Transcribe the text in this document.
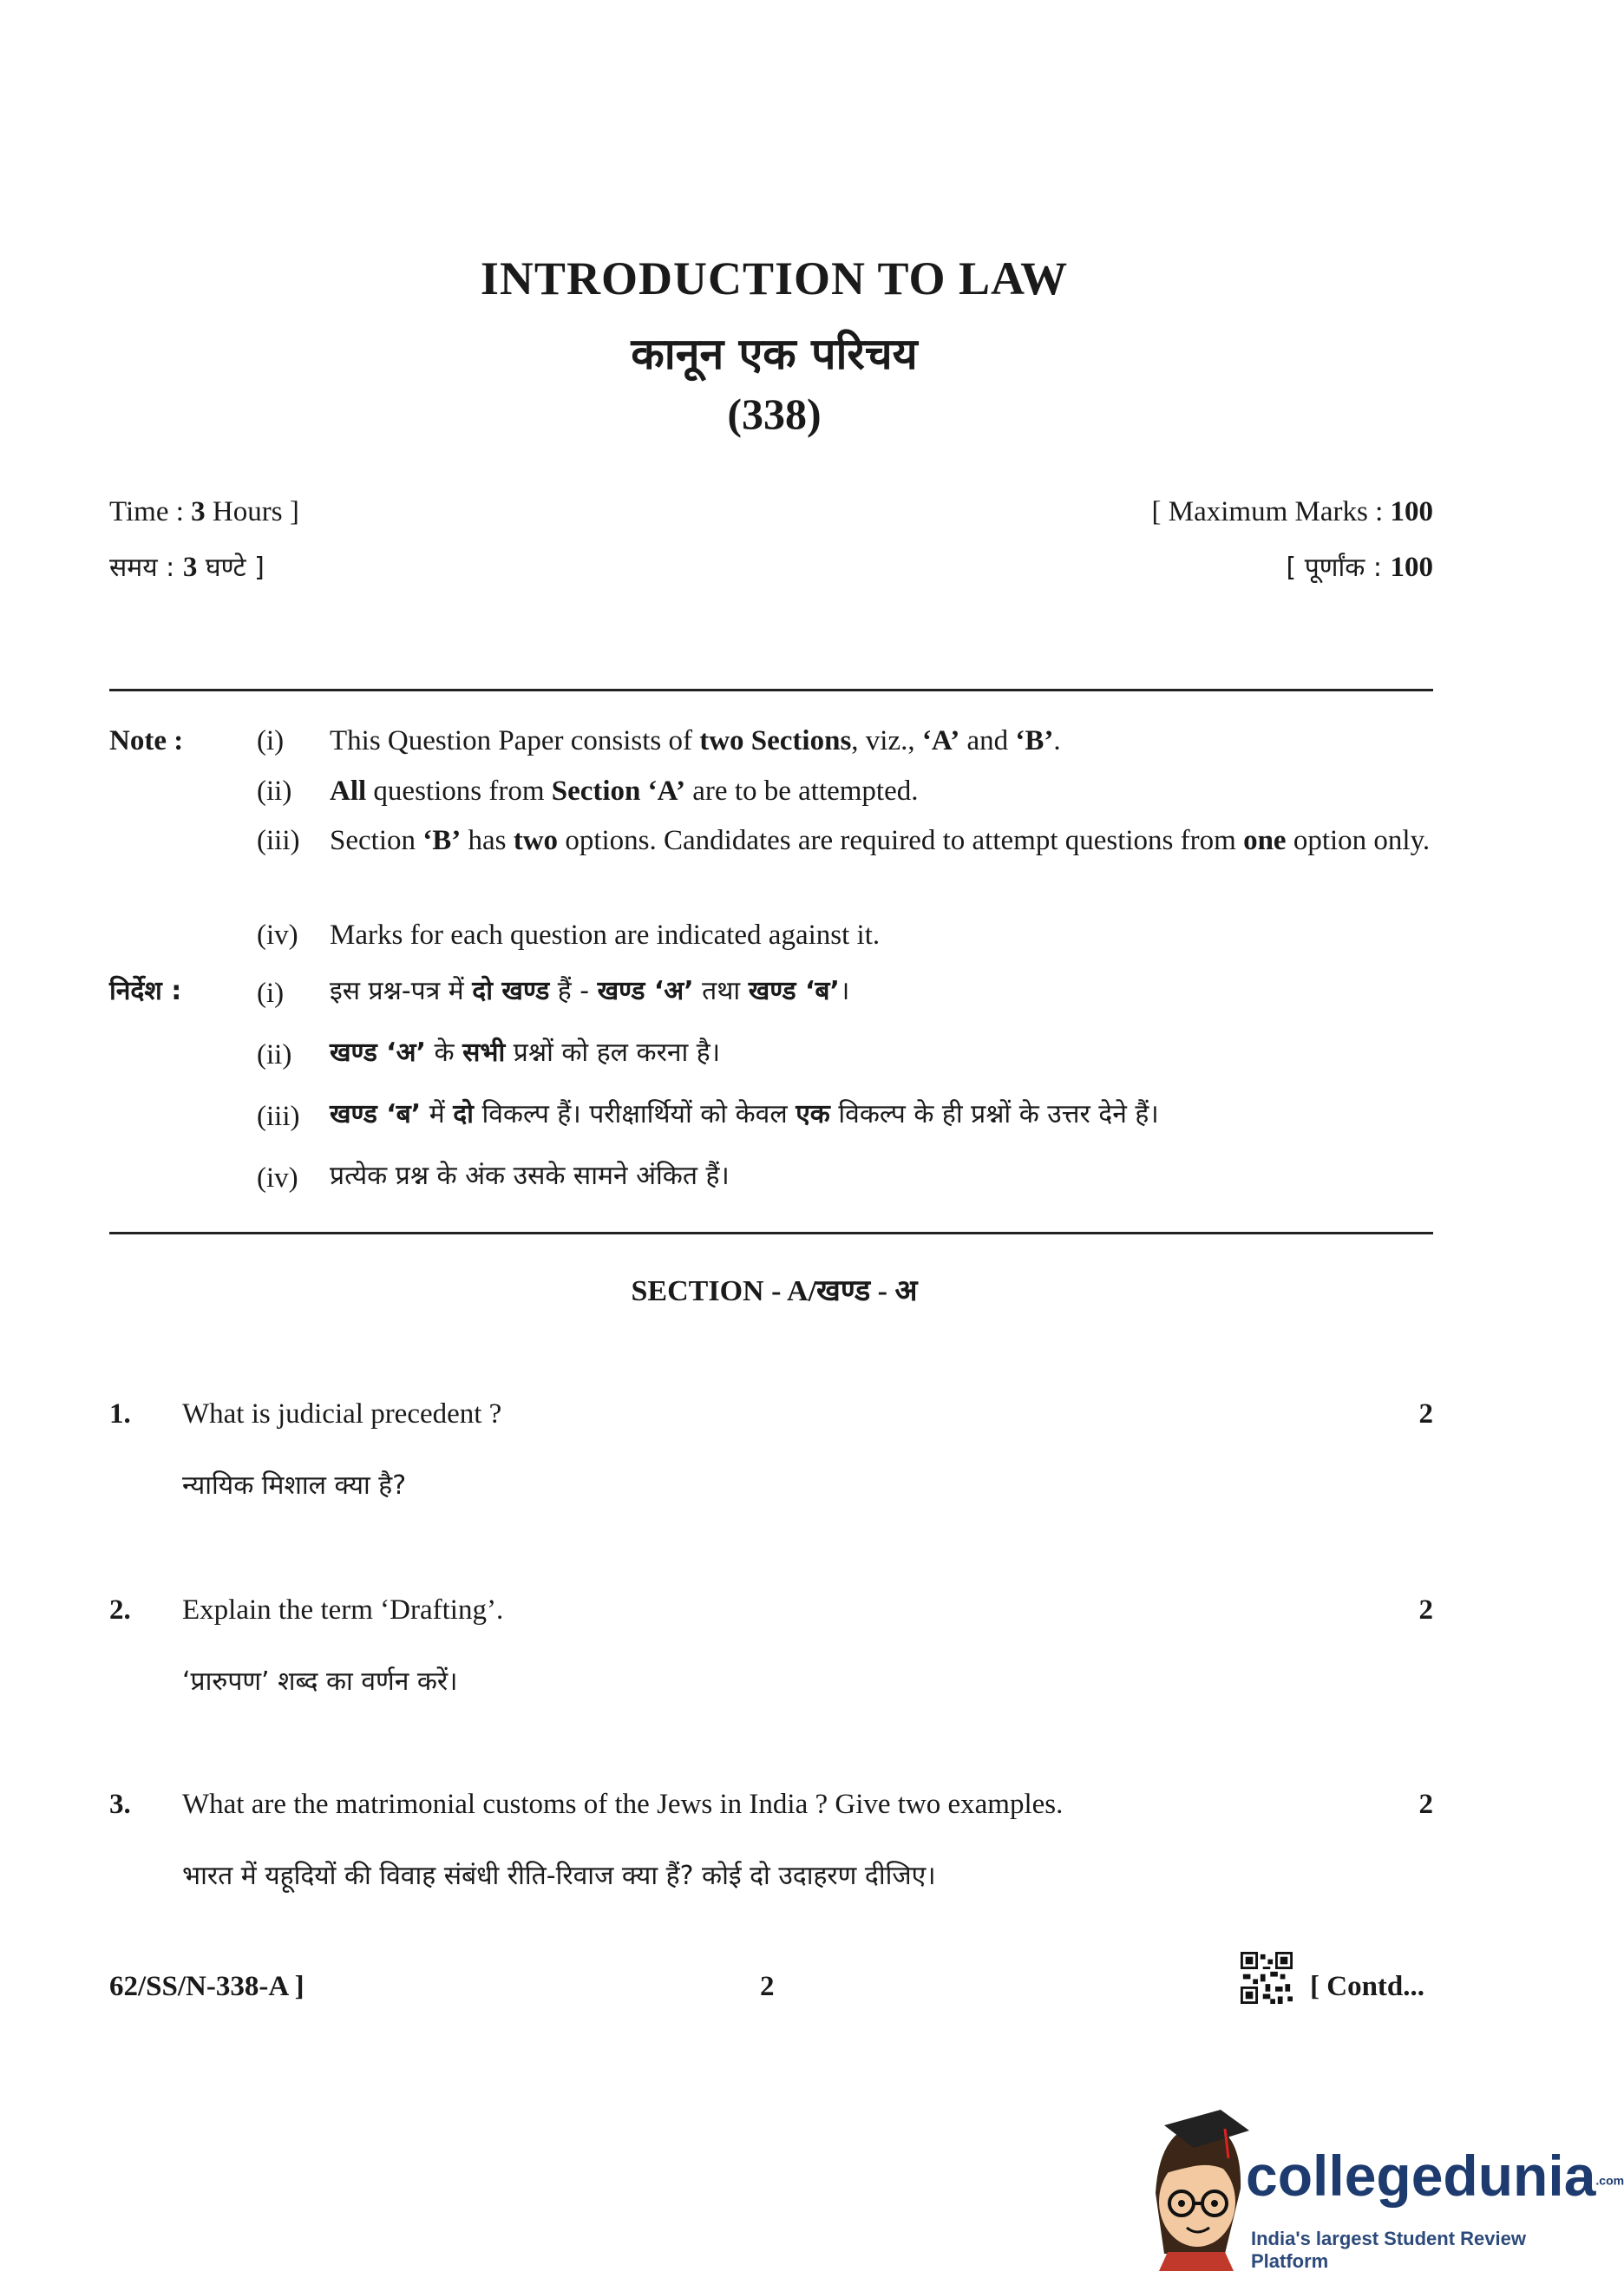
INTRODUCTION TO LAW
कानून एक परिचय
(338)
Time : 3 Hours ]	[ Maximum Marks : 100
समय : 3 घण्टे ]	[ पूर्णांक : 100
Note :	(i) This Question Paper consists of two Sections, viz., ‘A’ and ‘B’.
(ii) All questions from Section ‘A’ are to be attempted.
(iii) Section ‘B’ has two options. Candidates are required to attempt questions from one option only.
(iv) Marks for each question are indicated against it.
निर्देश :	(i) इस प्रश्न-पत्र में दो खण्ड हैं - खण्ड ‘अ’ तथा खण्ड ‘ब’।
(ii) खण्ड ‘अ’ के सभी प्रश्नों को हल करना है।
(iii) खण्ड ‘ब’ में दो विकल्प हैं। परीक्षार्थियों को केवल एक विकल्प के ही प्रश्नों के उत्तर देने हैं।
(iv) प्रत्येक प्रश्न के अंक उसके सामने अंकित हैं।
SECTION - A/खण्ड - अ
1. What is judicial precedent ?	2
न्यायिक मिशाल क्या है?
2. Explain the term ‘Drafting’.	2
‘प्रारुपण’ शब्द का वर्णन करें।
3. What are the matrimonial customs of the Jews in India ? Give two examples.	2
भारत में यहूदियों की विवाह संबंधी रीति-रिवाज क्या हैं? कोई दो उदाहरण दीजिए।
62/SS/N-338-A ]	2	[ Contd...
collegedunia.com
India's largest Student Review Platform
